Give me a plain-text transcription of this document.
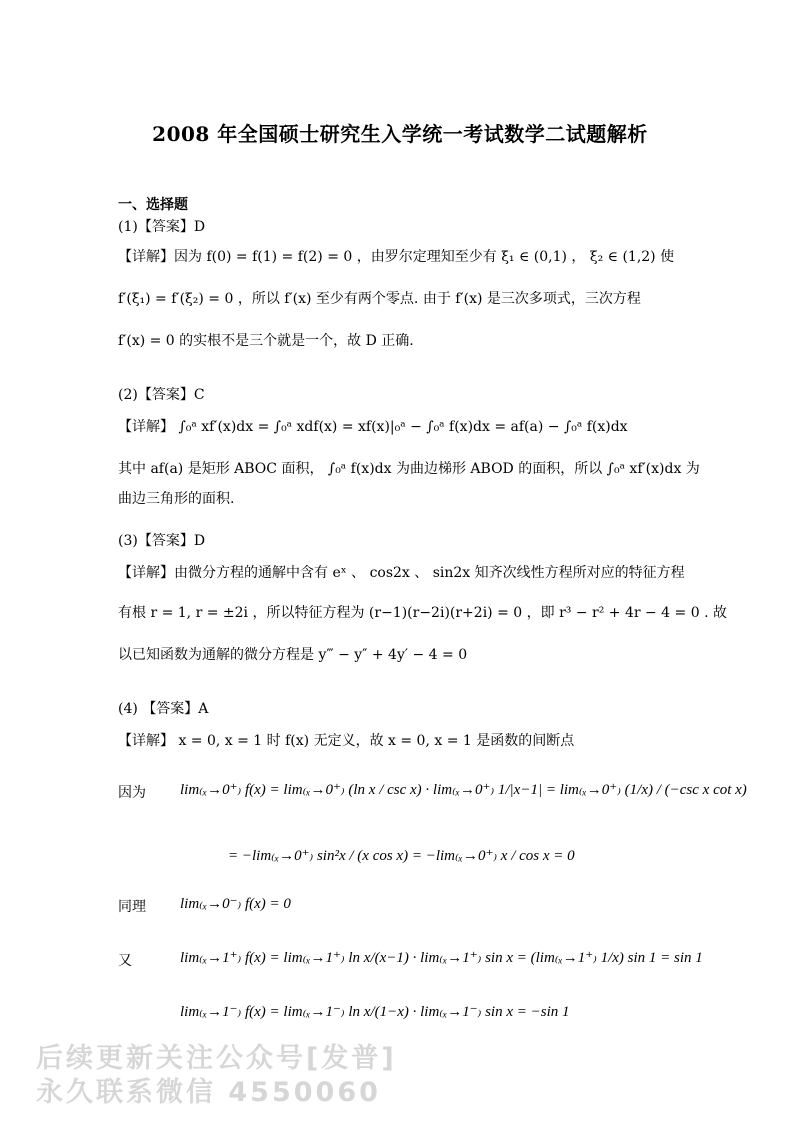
2008 年全国硕士研究生入学统一考试数学二试题解析
一、选择题
(1)【答案】D
【详解】因为 f(0) = f(1) = f(2) = 0 ，由罗尔定理知至少有 ξ₁ ∈ (0,1) ， ξ₂ ∈ (1,2) 使
f′(ξ₁) = f′(ξ₂) = 0 ，所以 f′(x) 至少有两个零点. 由于 f′(x) 是三次多项式，三次方程
f′(x) = 0 的实根不是三个就是一个，故 D 正确.
(2)【答案】C
【详解】 ∫₀ᵃ xf′(x)dx = ∫₀ᵃ xdf(x) = xf(x)|₀ᵃ − ∫₀ᵃ f(x)dx = af(a) − ∫₀ᵃ f(x)dx
其中 af(a) 是矩形 ABOC 面积， ∫₀ᵃ f(x)dx 为曲边梯形 ABOD 的面积，所以 ∫₀ᵃ xf′(x)dx 为
曲边三角形的面积.
(3)【答案】D
【详解】由微分方程的通解中含有 eˣ 、 cos2x 、 sin2x 知齐次线性方程所对应的特征方程
有根 r = 1, r = ±2i ，所以特征方程为 (r−1)(r−2i)(r+2i) = 0 ，即 r³ − r² + 4r − 4 = 0 . 故
以已知函数为通解的微分方程是 y‴ − y″ + 4y′ − 4 = 0
(4) 【答案】A
【详解】 x = 0, x = 1 时 f(x) 无定义，故 x = 0, x = 1 是函数的间断点
因为 lim₍ₓ→0⁺₎ f(x) = lim₍ₓ→0⁺₎ (ln x / csc x) · lim₍ₓ→0⁺₎ 1/|x−1| = lim₍ₓ→0⁺₎ (1/x) / (−csc x cot x)
= −lim₍ₓ→0⁺₎ sin²x / (x cos x) = −lim₍ₓ→0⁺₎ x / cos x = 0
同理 lim₍ₓ→0⁻₎ f(x) = 0
又	lim₍ₓ→1⁺₎ f(x) = lim₍ₓ→1⁺₎ ln x/(x−1) · lim₍ₓ→1⁺₎ sin x = (lim₍ₓ→1⁺₎ 1/x) sin 1 = sin 1
lim₍ₓ→1⁻₎ f(x) = lim₍ₓ→1⁻₎ ln x/(1−x) · lim₍ₓ→1⁻₎ sin x = −sin 1
后续更新关注公众号[发普]
永久联系微信 4550060
